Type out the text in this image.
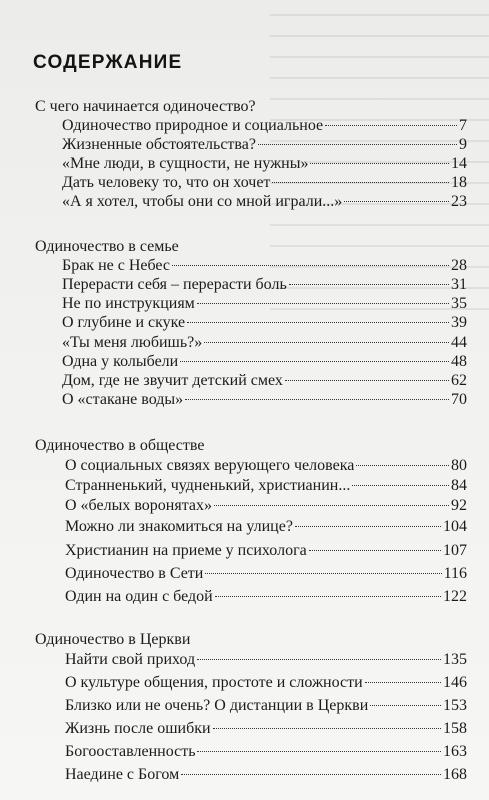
СОДЕРЖАНИЕ
С чего начинается одиночество?
Одиночество природное и социальное	7
Жизненные обстоятельства?	9
«Мне люди, в сущности, не нужны»	14
Дать человеку то, что он хочет	18
«А я хотел, чтобы они со мной играли...»	23
Одиночество в семье
Брак не с Небес	28
Перерасти себя – перерасти боль	31
Не по инструкциям	35
О глубине и скуке	39
«Ты меня любишь?»	44
Одна у колыбели	48
Дом, где не звучит детский смех	62
О «стакане воды»	70
Одиночество в обществе
О социальных связях верующего человека	80
Странненький, чудненький, христианин...	84
О «белых воронятах»	92
Можно ли знакомиться на улице?	104
Христианин на приеме у психолога	107
Одиночество в Сети	116
Один на один с бедой	122
Одиночество в Церкви
Найти свой приход	135
О культуре общения, простоте и сложности	146
Близко или не очень? О дистанции в Церкви	153
Жизнь после ошибки	158
Богооставленность	163
Наедине с Богом	168
